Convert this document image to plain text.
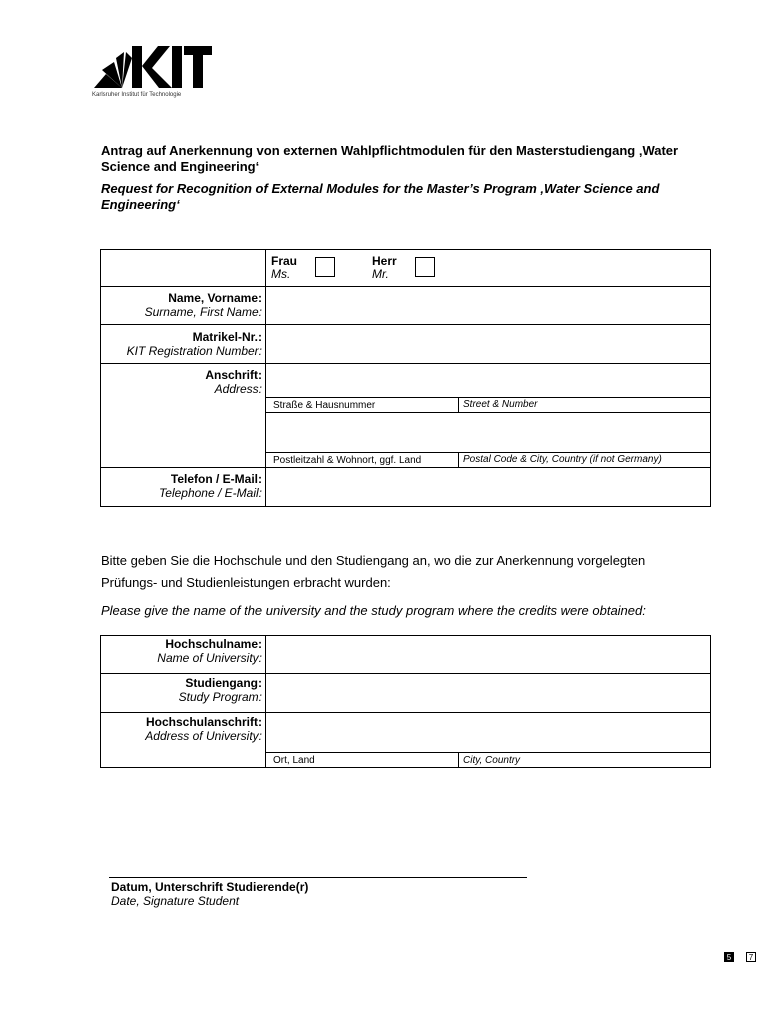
Karlsruher Institut für Technologie
Antrag auf Anerkennung von externen Wahlpflichtmodulen für den Masterstudiengang ‚Water Science and Engineering‘
Request for Recognition of External Modules for the Master’s Program ‚Water Science and Engineering‘
Frau
Ms.
Herr
Mr.
Name, Vorname:
Surname, First Name:
Matrikel-Nr.:
KIT Registration Number:
Anschrift:
Address:
Straße & Hausnummer	Street & Number
Postleitzahl & Wohnort, ggf. Land	Postal Code & City, Country (if not Germany)
Telefon / E-Mail:
Telephone / E-Mail:
Bitte geben Sie die Hochschule und den Studiengang an, wo die zur Anerkennung vorgelegten
Prüfungs- und Studienleistungen erbracht wurden:
Please give the name of the university and the study program where the credits were obtained:
Hochschulname:
Name of University:
Studiengang:
Study Program:
Hochschulanschrift:
Address of University:
Ort, Land	City, Country
Datum, Unterschrift Studierende(r)
Date, Signature Student
5	7
